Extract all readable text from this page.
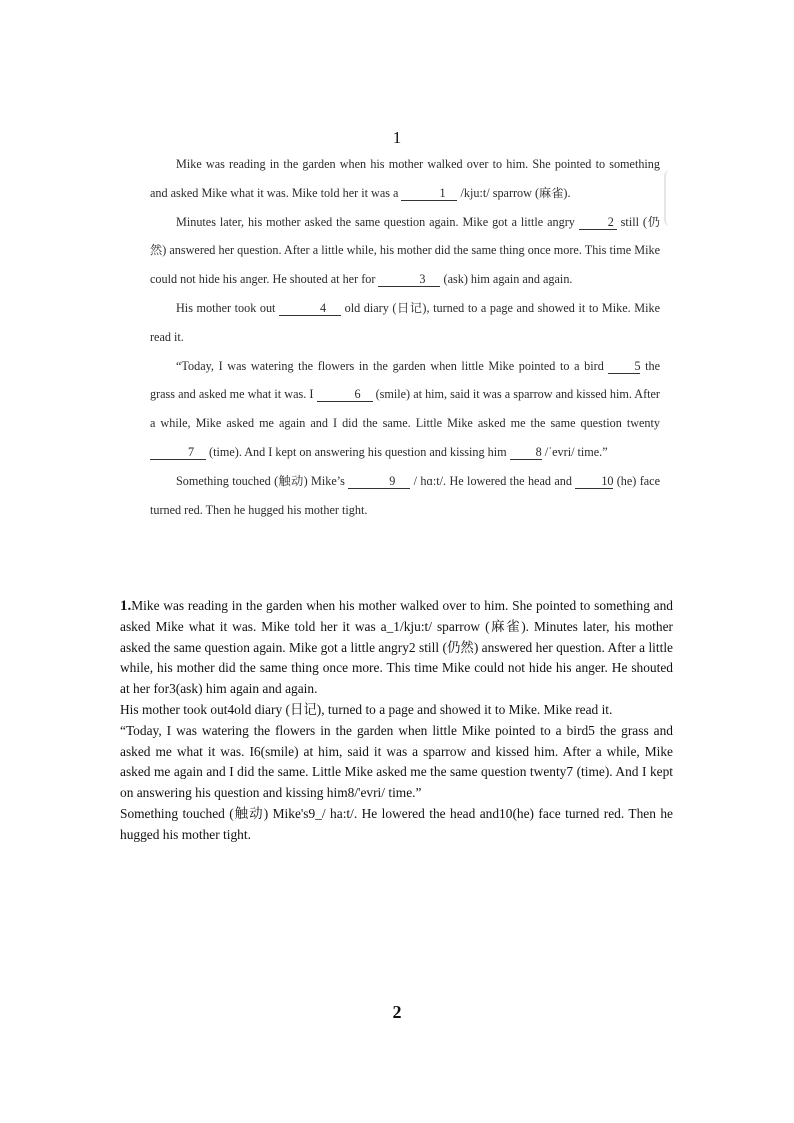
1

Mike was reading in the garden when his mother walked over to him. She pointed to something and asked Mike what it was. Mike told her it was a	1 /kju:t/ sparrow (麻雀).

Minutes later, his mother asked the same question again. Mike got a little angry 2 still (仍然) answered her question. After a little while, his mother did the same thing once more. This time Mike could not hide his anger. He shouted at her for	3 (ask) him again and again.

His mother took out	4 old diary (日记), turned to a page and showed it to Mike. Mike read it.

“Today, I was watering the flowers in the garden when little Mike pointed to a bird 5 the grass and asked me what it was. I	6 (smile) at him, said it was a sparrow and kissed him. After a while, Mike asked me again and I did the same. Little Mike asked me the same question twenty 7 (time). And I kept on answering his question and kissing him 8 /ˈevri/ time.”

Something touched (触动) Mike’s	9 / hɑ:t/. He lowered the head and 10 (he) face turned red. Then he hugged his mother tight.

1.Mike was reading in the garden when his mother walked over to him. She pointed to something and asked Mike what it was. Mike told her it was a_1/kju:t/ sparrow (麻雀). Minutes later, his mother asked the same question again. Mike got a little angry2 still (仍然) answered her question. After a little while, his mother did the same thing once more. This time Mike could not hide his anger. He shouted at her for3(ask) him again and again.

His mother took out4old diary (日记), turned to a page and showed it to Mike. Mike read it.

“Today, I was watering the flowers in the garden when little Mike pointed to a bird5 the grass and asked me what it was. I6(smile) at him, said it was a sparrow and kissed him. After a while, Mike asked me again and I did the same. Little Mike asked me the same question twenty7 (time). And I kept on answering his question and kissing him8/'evri/ time.”

Something touched (触动) Mike's9_/ ha:t/. He lowered the head and10(he) face turned red. Then he hugged his mother tight.

2
